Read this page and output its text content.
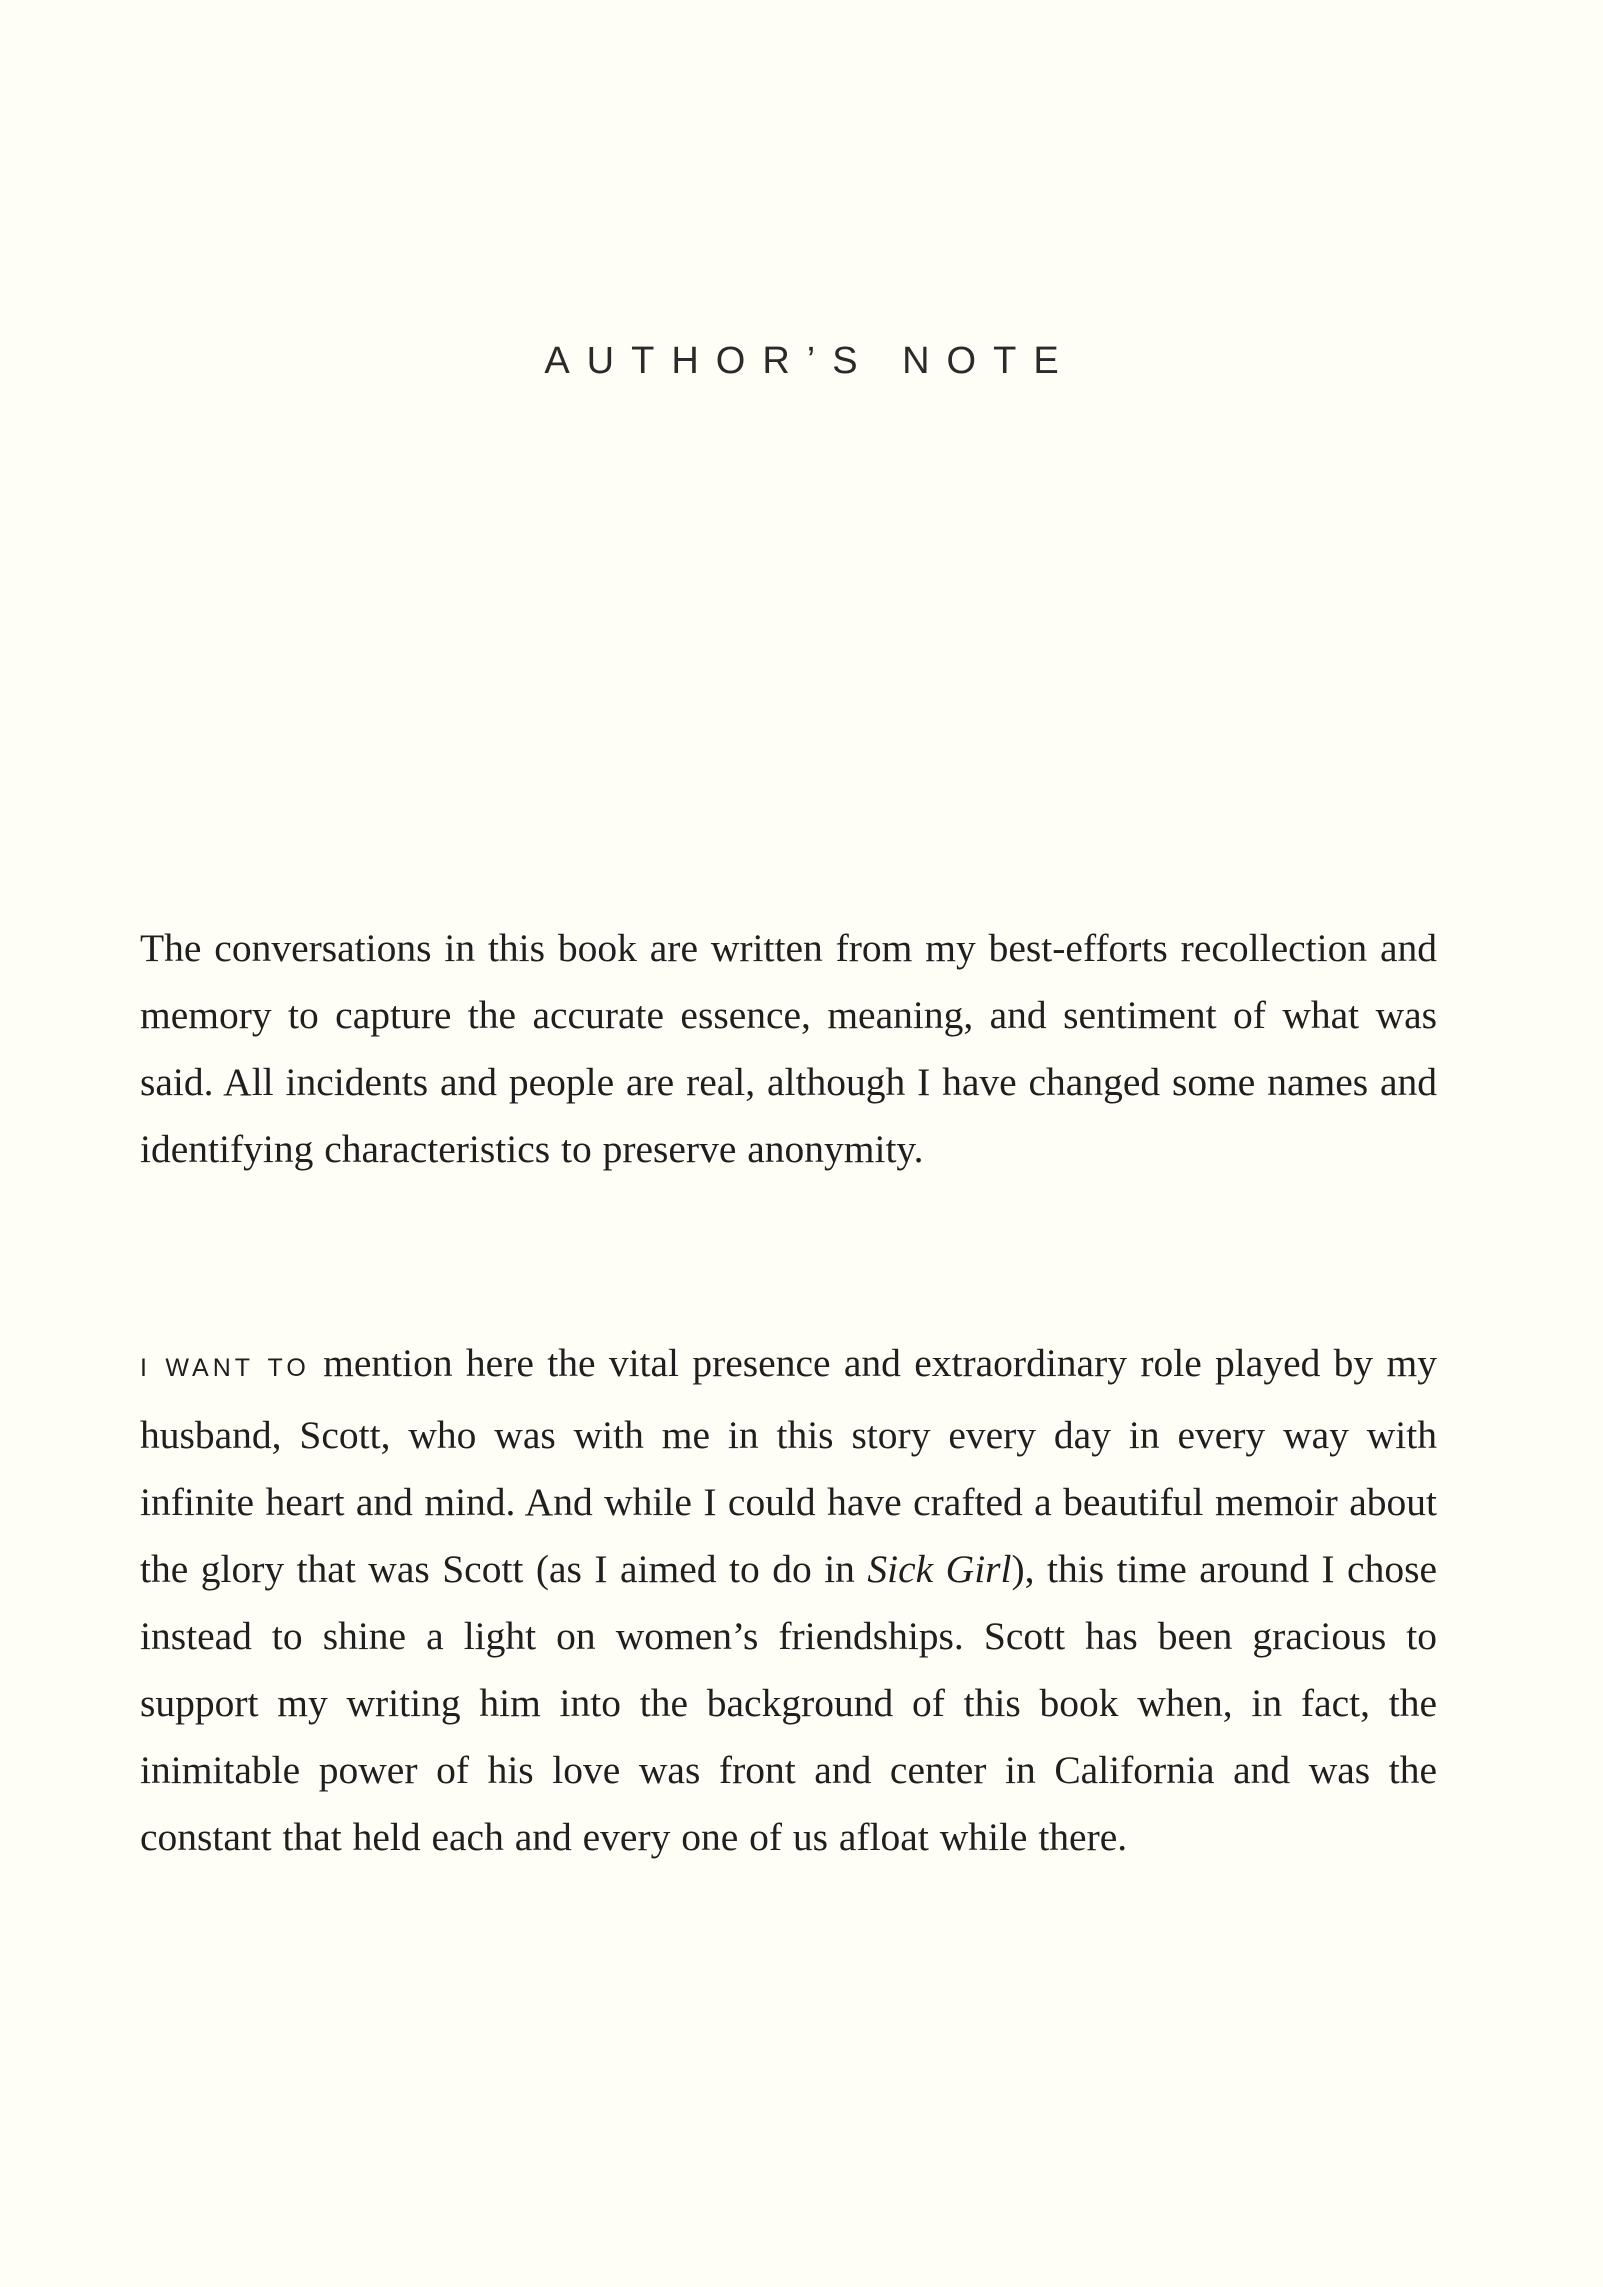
AUTHOR’S NOTE

The conversations in this book are written from my best-efforts recollection and memory to capture the accurate essence, meaning, and sentiment of what was said. All incidents and people are real, although I have changed some names and identifying characteristics to preserve anonymity.

I WANT TO mention here the vital presence and extraordinary role played by my husband, Scott, who was with me in this story every day in every way with infinite heart and mind. And while I could have crafted a beautiful memoir about the glory that was Scott (as I aimed to do in Sick Girl), this time around I chose instead to shine a light on women’s friendships. Scott has been gracious to support my writing him into the background of this book when, in fact, the inimitable power of his love was front and center in California and was the constant that held each and every one of us afloat while there.
